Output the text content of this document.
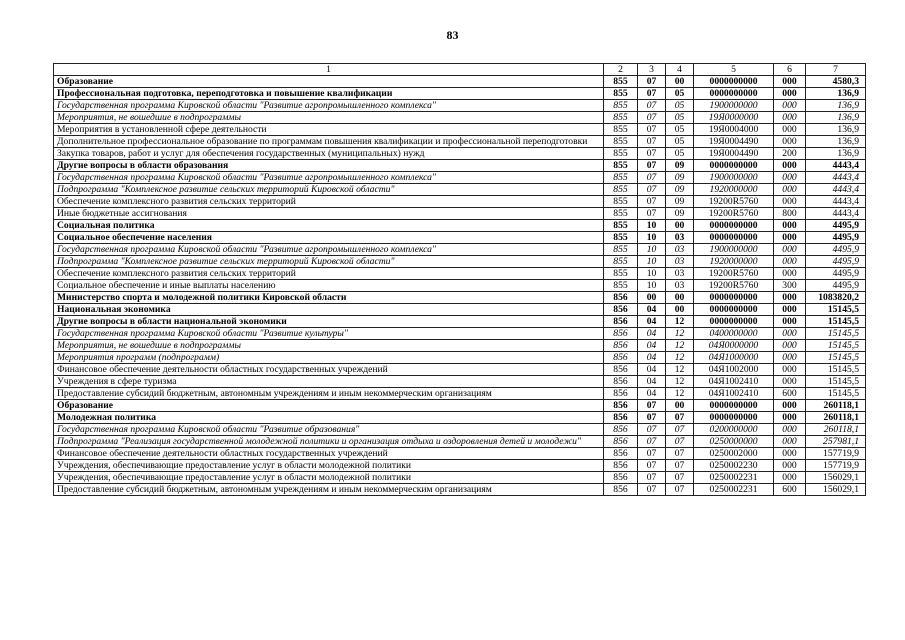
83
1	2	3	4	5	6	7
Образование	855	07	00	0000000000	000	4580,3
Профессиональная подготовка, переподготовка и повышение квалификации	855	07	05	0000000000	000	136,9
Государственная программа Кировской области "Развитие агропромышленного комплекса"	855	07	05	1900000000	000	136,9
Мероприятия, не вошедшие в подпрограммы	855	07	05	19Я0000000	000	136,9
Мероприятия в установленной сфере деятельности	855	07	05	19Я0004000	000	136,9
Дополнительное профессиональное образование по программам повышения квалификации и профессиональной переподготовки	855	07	05	19Я0004490	000	136,9
Закупка товаров, работ и услуг для обеспечения государственных (муниципальных) нужд	855	07	05	19Я0004490	200	136,9
Другие вопросы в области образования	855	07	09	0000000000	000	4443,4
Государственная программа Кировской области "Развитие агропромышленного комплекса"	855	07	09	1900000000	000	4443,4
Подпрограмма "Комплексное развитие сельских территорий Кировской области"	855	07	09	1920000000	000	4443,4
Обеспечение комплексного развития сельских территорий	855	07	09	19200R5760	000	4443,4
Иные бюджетные ассигнования	855	07	09	19200R5760	800	4443,4
Социальная политика	855	10	00	0000000000	000	4495,9
Социальное обеспечение населения	855	10	03	0000000000	000	4495,9
Государственная программа Кировской области "Развитие агропромышленного комплекса"	855	10	03	1900000000	000	4495,9
Подпрограмма "Комплексное развитие сельских территорий Кировской области"	855	10	03	1920000000	000	4495,9
Обеспечение комплексного развития сельских территорий	855	10	03	19200R5760	000	4495,9
Социальное обеспечение и иные выплаты населению	855	10	03	19200R5760	300	4495,9
Министерство спорта и молодежной политики Кировской области	856	00	00	0000000000	000	1083820,2
Национальная экономика	856	04	00	0000000000	000	15145,5
Другие вопросы в области национальной экономики	856	04	12	0000000000	000	15145,5
Государственная программа Кировской области "Развитие культуры"	856	04	12	0400000000	000	15145,5
Мероприятия, не вошедшие в подпрограммы	856	04	12	04Я0000000	000	15145,5
Мероприятия программ (подпрограмм)	856	04	12	04Я1000000	000	15145,5
Финансовое обеспечение деятельности областных государственных учреждений	856	04	12	04Я1002000	000	15145,5
Учреждения в сфере туризма	856	04	12	04Я1002410	000	15145,5
Предоставление субсидий бюджетным, автономным учреждениям и иным некоммерческим организациям	856	04	12	04Я1002410	600	15145,5
Образование	856	07	00	0000000000	000	260118,1
Молодежная политика	856	07	07	0000000000	000	260118,1
Государственная программа Кировской области "Развитие образования"	856	07	07	0200000000	000	260118,1
Подпрограмма "Реализация государственной молодежной политики и организация отдыха и оздоровления детей и молодежи"	856	07	07	0250000000	000	257981,1
Финансовое обеспечение деятельности областных государственных учреждений	856	07	07	0250002000	000	157719,9
Учреждения, обеспечивающие предоставление услуг в области молодежной политики	856	07	07	0250002230	000	157719,9
Учреждения, обеспечивающие предоставление услуг в области молодежной политики	856	07	07	0250002231	000	156029,1
Предоставление субсидий бюджетным, автономным учреждениям и иным некоммерческим организациям	856	07	07	0250002231	600	156029,1
